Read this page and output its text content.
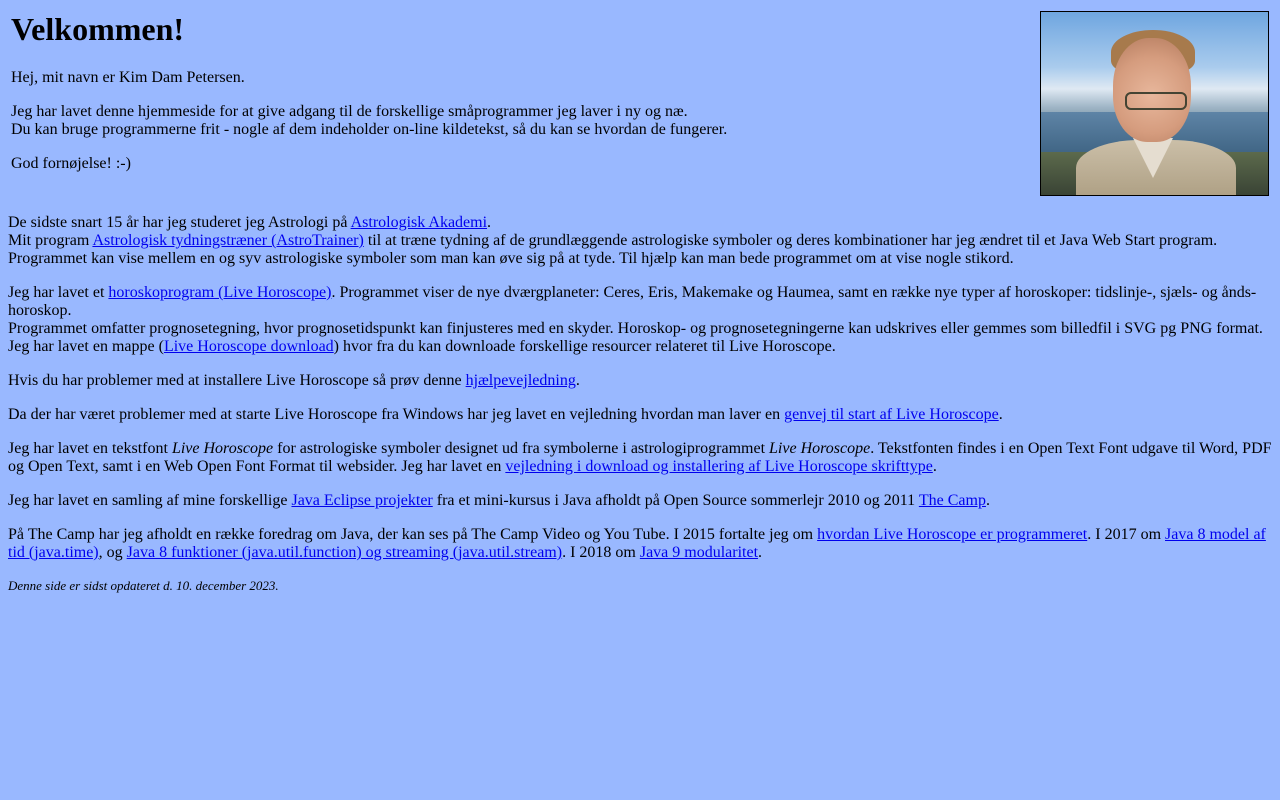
Velkommen!

Hej, mit navn er Kim Dam Petersen.

Jeg har lavet denne hjemmeside for at give adgang til de forskellige småprogrammer jeg laver i ny og næ.

Du kan bruge programmerne frit - nogle af dem indeholder on-line kildetekst, så du kan se hvordan de fungerer.

God fornøjelse! :-)

De sidste snart 15 år har jeg studeret jeg Astrologi på Astrologisk Akademi.
Mit program Astrologisk tydningstræner (AstroTrainer) til at træne tydning af de grundlæggende astrologiske symboler og deres kombinationer har jeg ændret til et Java Web Start program.
Programmet kan vise mellem en og syv astrologiske symboler som man kan øve sig på at tyde. Til hjælp kan man bede programmet om at vise nogle stikord.

Jeg har lavet et horoskoprogram (Live Horoscope). Programmet viser de nye dværgplaneter: Ceres, Eris, Makemake og Haumea, samt en række nye typer af horoskoper: tidslinje-, sjæls- og ånds-horoskop.
Programmet omfatter prognosetegning, hvor prognosetidspunkt kan finjusteres med en skyder. Horoskop- og prognosetegningerne kan udskrives eller gemmes som billedfil i SVG pg PNG format.
Jeg har lavet en mappe (Live Horoscope download) hvor fra du kan downloade forskellige resourcer relateret til Live Horoscope.

Hvis du har problemer med at installere Live Horoscope så prøv denne hjælpevejledning.

Da der har været problemer med at starte Live Horoscope fra Windows har jeg lavet en vejledning hvordan man laver en genvej til start af Live Horoscope.

Jeg har lavet en tekstfont Live Horoscope for astrologiske symboler designet ud fra symbolerne i astrologiprogrammet Live Horoscope. Tekstfonten findes i en Open Text Font udgave til Word, PDF og Open Text, samt i en Web Open Font Format til websider. Jeg har lavet en vejledning i download og installering af Live Horoscope skrifttype.

Jeg har lavet en samling af mine forskellige Java Eclipse projekter fra et mini-kursus i Java afholdt på Open Source sommerlejr 2010 og 2011 The Camp.

På The Camp har jeg afholdt en række foredrag om Java, der kan ses på The Camp Video og You Tube. I 2015 fortalte jeg om hvordan Live Horoscope er programmeret. I 2017 om Java 8 model af tid (java.time), og Java 8 funktioner (java.util.function) og streaming (java.util.stream). I 2018 om Java 9 modularitet.

Denne side er sidst opdateret d. 10. december 2023.
